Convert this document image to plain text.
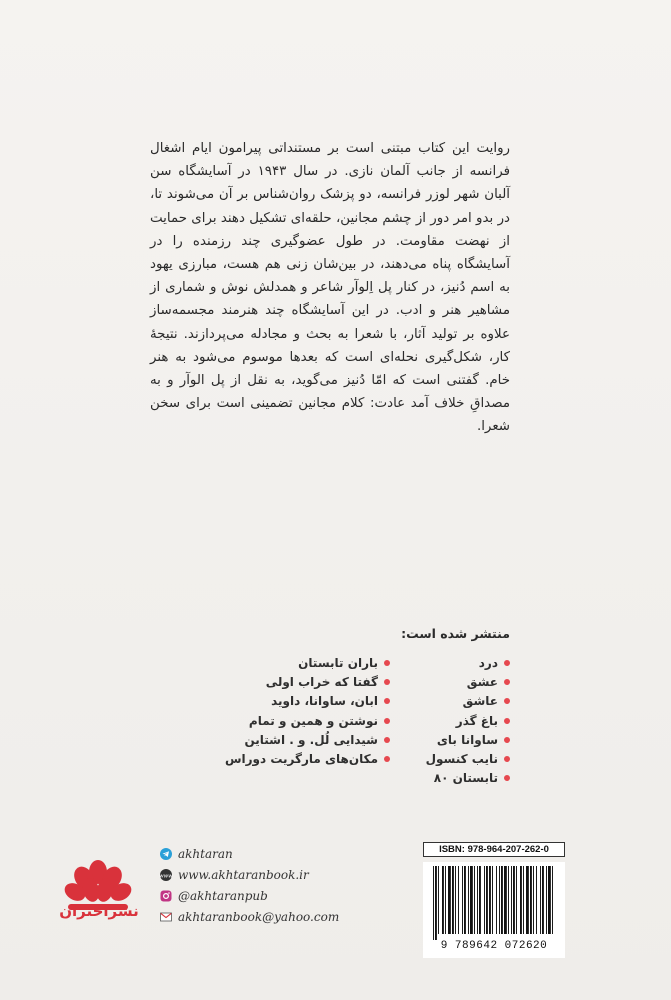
روایت این کتاب مبتنی است بر مستنداتی پیرامون ایام اشغال فرانسه از جانب آلمان نازی. در سال ۱۹۴۳ در آسایشگاه سن آلبان شهر لوزر فرانسه، دو پزشک روان‌شناس بر آن می‌شوند تا، در بدو امر دور از چشم مجانین، حلقه‌ای تشکیل دهند برای حمایت از نهضت مقاومت. در طول عضوگیری چند رزمنده را در آسایشگاه پناه می‌دهند، در بین‌شان زنی هم هست، مبارزی یهود به اسم دُنیز، در کنار پل اِلوآر شاعر و همدلش نوش و شماری از مشاهیر هنر و ادب. در این آسایشگاه چند هنرمند مجسمه‌ساز علاوه بر تولید آثار، با شعرا به بحث و مجادله می‌پردازند. نتیجهٔ کار، شکل‌گیری نحله‌ای است که بعدها موسوم می‌شود به هنر خام. گفتنی است که امّا دُنیز می‌گوید، به نقل از پل الوآر و به مصداقِ خلاف آمد عادت: کلام مجانین تضمینی است برای سخن شعرا.

منتشر شده است:
درد
عشق
عاشق
باغ گذر
ساوانا بای
نایب کنسول
تابستان ۸۰
باران تابستان
گفتا که خراب اولی
ابان، ساوانا، داوید
نوشتن و همین و تمام
شیدایی لُل. و . اشتاین
مکان‌های مارگریت دوراس
نشراختران
akhtaran
www www.akhtaranbook.ir
@akhtaranpub
akhtaranbook@yahoo.com
ISBN: 978-964-207-262-0
9 789642 072620
